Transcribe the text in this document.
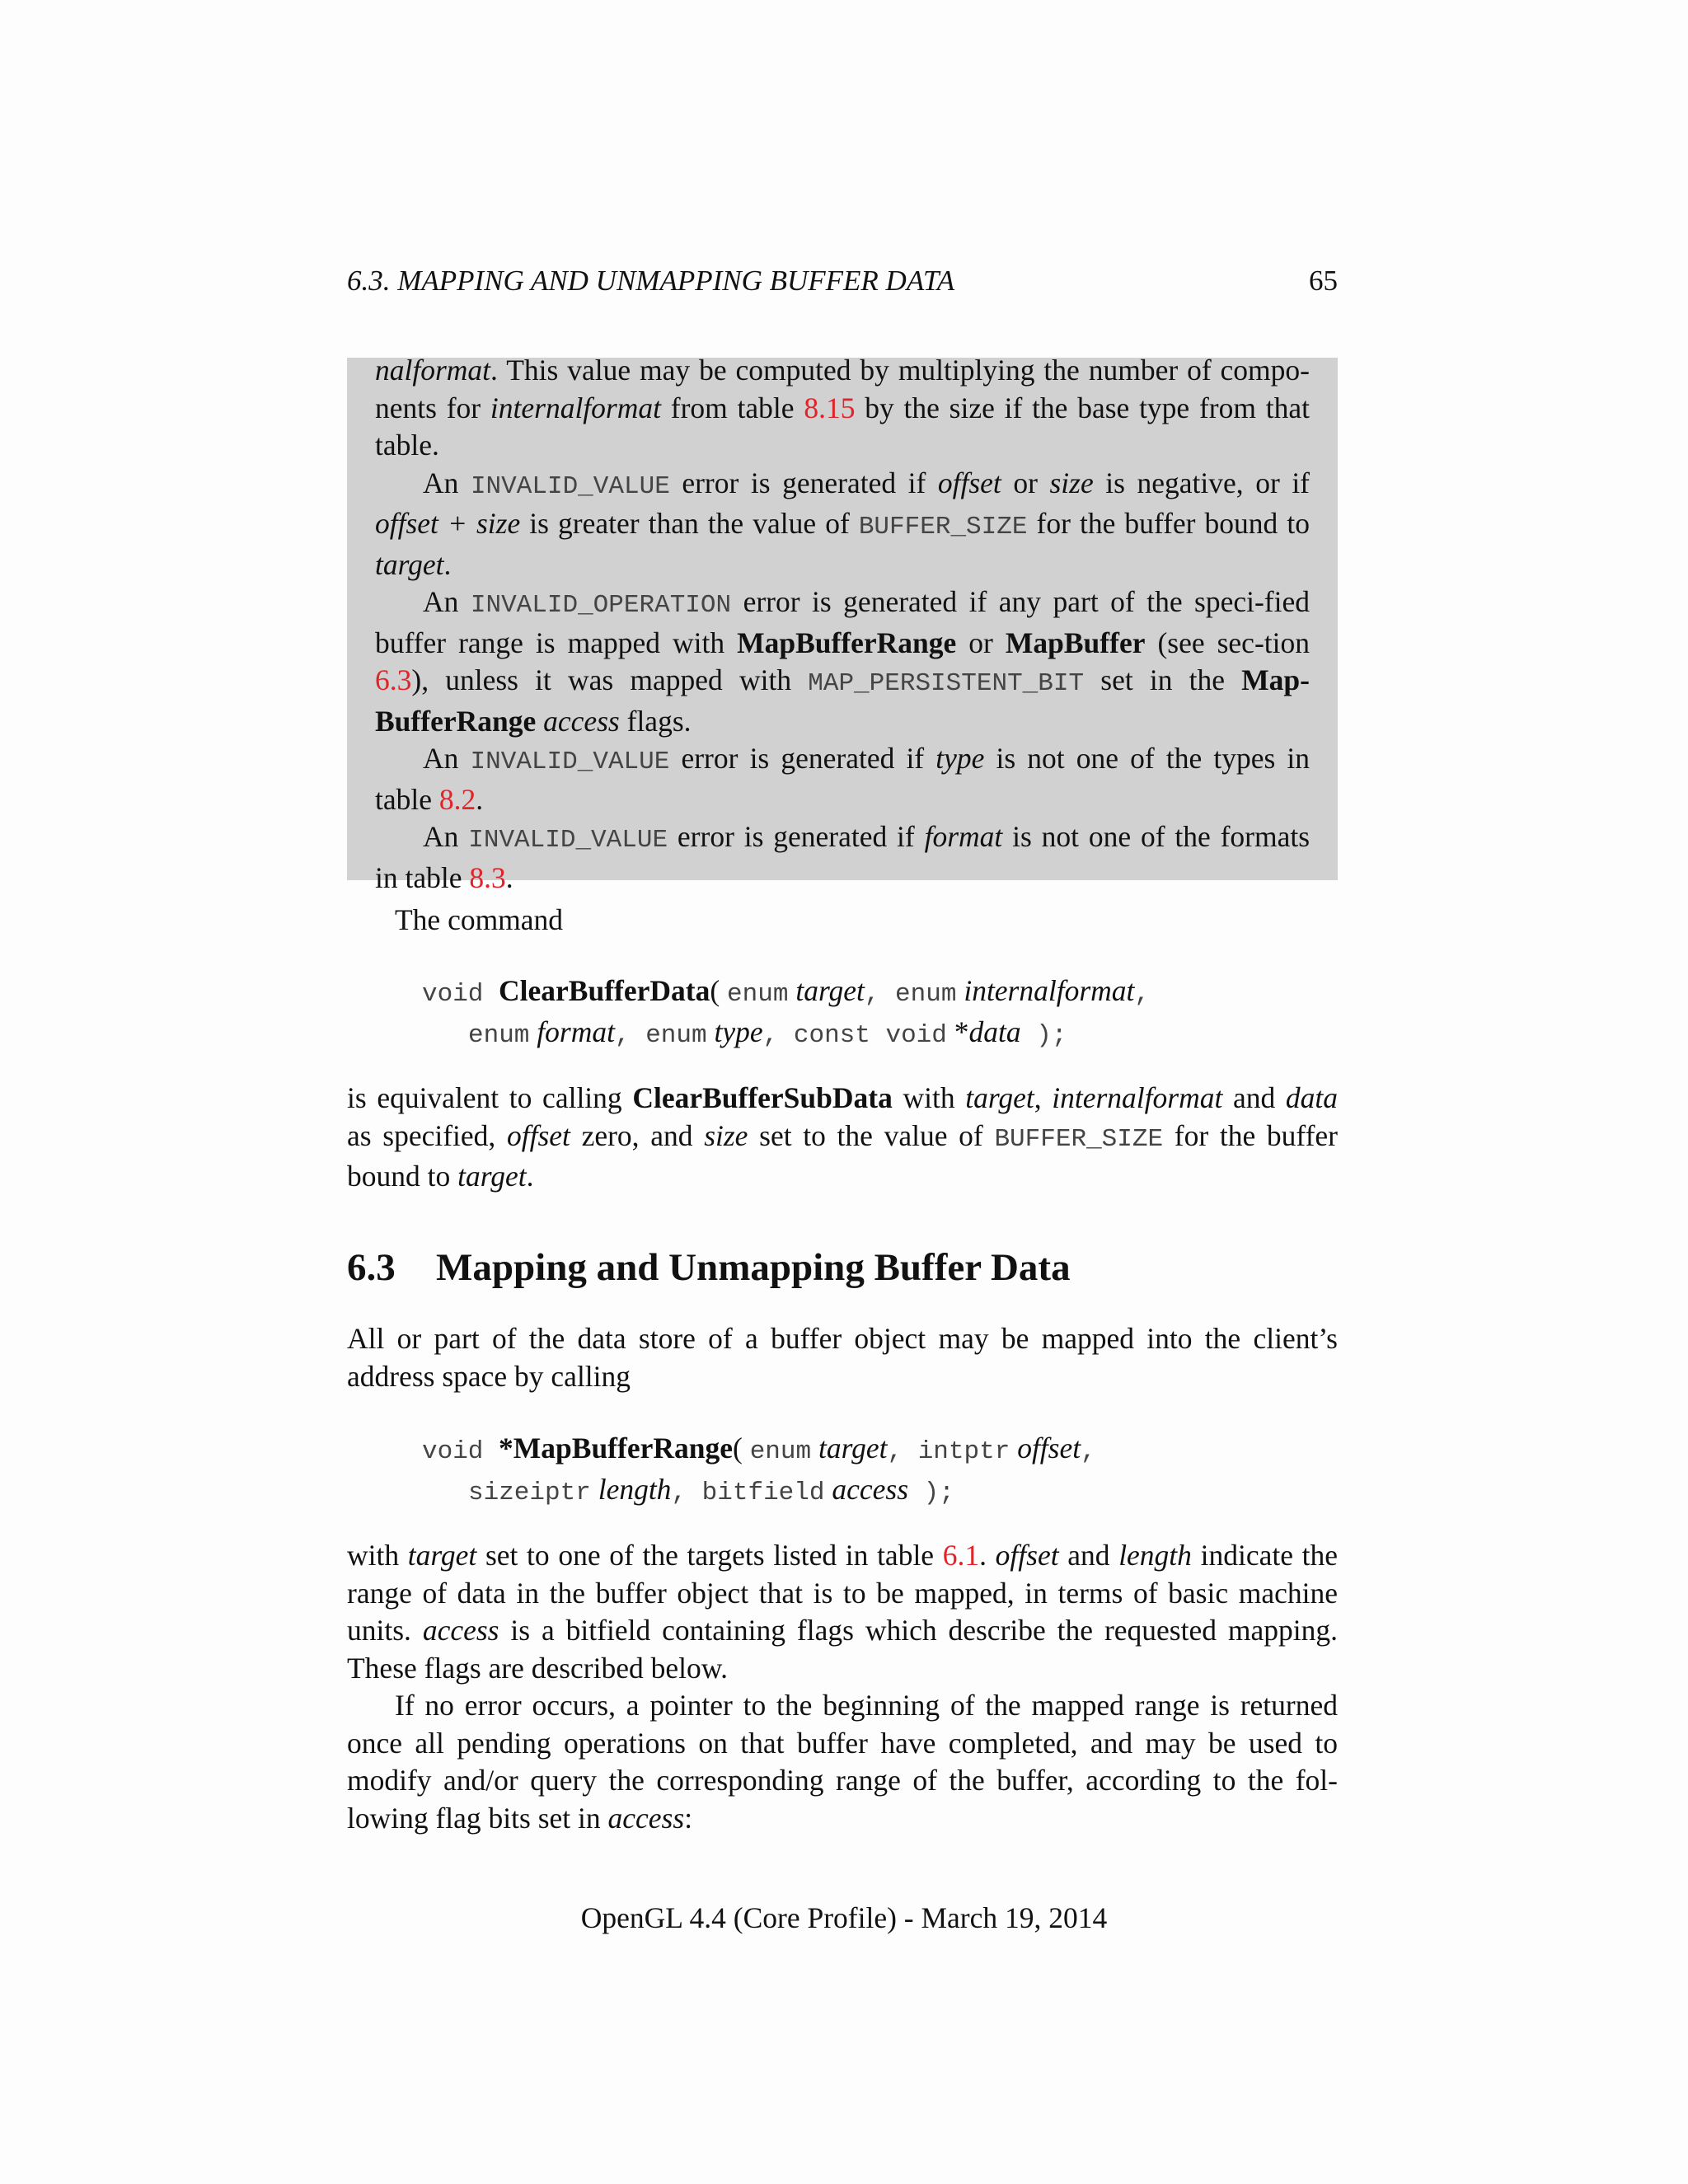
6.3. MAPPING AND UNMAPPING BUFFER DATA	65

nalformat. This value may be computed by multiplying the number of compo-nents for internalformat from table 8.15 by the size if the base type from that table.

An INVALID_VALUE error is generated if offset or size is negative, or if offset + size is greater than the value of BUFFER_SIZE for the buffer bound to target.

An INVALID_OPERATION error is generated if any part of the speci-fied buffer range is mapped with MapBufferRange or MapBuffer (see sec-tion 6.3), unless it was mapped with MAP_PERSISTENT_BIT set in the Map-BufferRange access flags.

An INVALID_VALUE error is generated if type is not one of the types in table 8.2.

An INVALID_VALUE error is generated if format is not one of the formats in table 8.3.

The command
void ClearBufferData( enum target, enum internalformat,
enum format, enum type, const void *data );

is equivalent to calling ClearBufferSubData with target, internalformat and data as specified, offset zero, and size set to the value of BUFFER_SIZE for the buffer bound to target.

6.3 Mapping and Unmapping Buffer Data

All or part of the data store of a buffer object may be mapped into the client’s address space by calling

void *MapBufferRange( enum target, intptr offset,
sizeiptr length, bitfield access );

with target set to one of the targets listed in table 6.1. offset and length indicate the range of data in the buffer object that is to be mapped, in terms of basic machine units. access is a bitfield containing flags which describe the requested mapping. These flags are described below.

If no error occurs, a pointer to the beginning of the mapped range is returned once all pending operations on that buffer have completed, and may be used to modify and/or query the corresponding range of the buffer, according to the fol-lowing flag bits set in access:

OpenGL 4.4 (Core Profile) - March 19, 2014
